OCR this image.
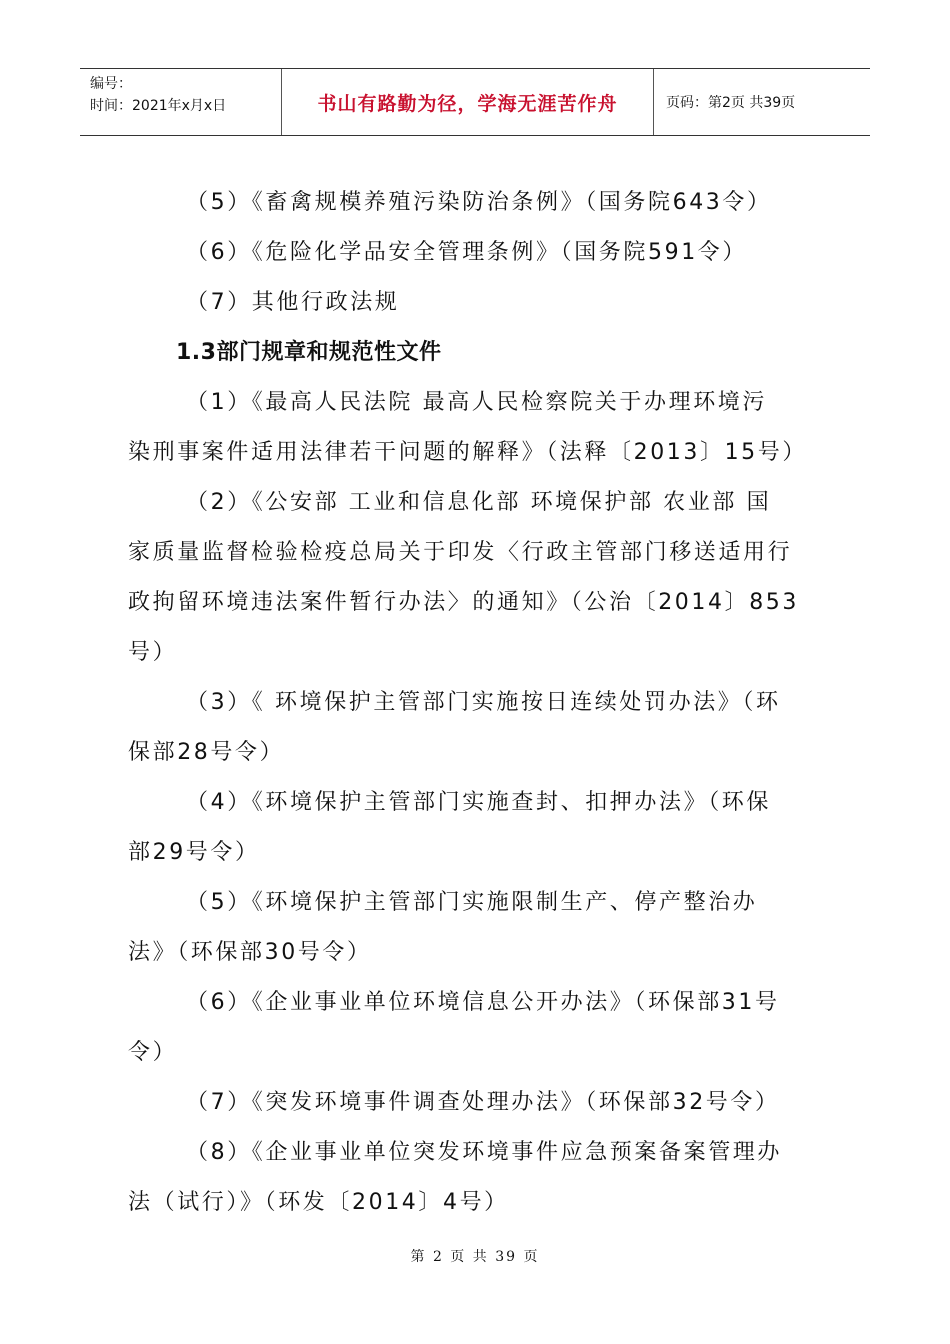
编号：
时间：2021年x月x日	书山有路勤为径，学海无涯苦作舟	页码：第2页 共39页
（5）《畜禽规模养殖污染防治条例》（国务院643令）
（6）《危险化学品安全管理条例》（国务院591令）
（7）其他行政法规
1.3部门规章和规范性文件
（1）《最高人民法院 最高人民检察院关于办理环境污
染刑事案件适用法律若干问题的解释》（法释〔2013〕15号）
（2）《公安部 工业和信息化部 环境保护部 农业部 国
家质量监督检验检疫总局关于印发〈行政主管部门移送适用行
政拘留环境违法案件暂行办法〉的通知》（公治〔2014〕853
号）
（3）《 环境保护主管部门实施按日连续处罚办法》（环
保部28号令）
（4）《环境保护主管部门实施查封、扣押办法》（环保
部29号令）
（5）《环境保护主管部门实施限制生产、停产整治办
法》（环保部30号令）
（6）《企业事业单位环境信息公开办法》（环保部31号
令）
（7）《突发环境事件调查处理办法》（环保部32号令）
（8）《企业事业单位突发环境事件应急预案备案管理办
法（试行）》（环发〔2014〕4号）
第 2 页 共 39 页
